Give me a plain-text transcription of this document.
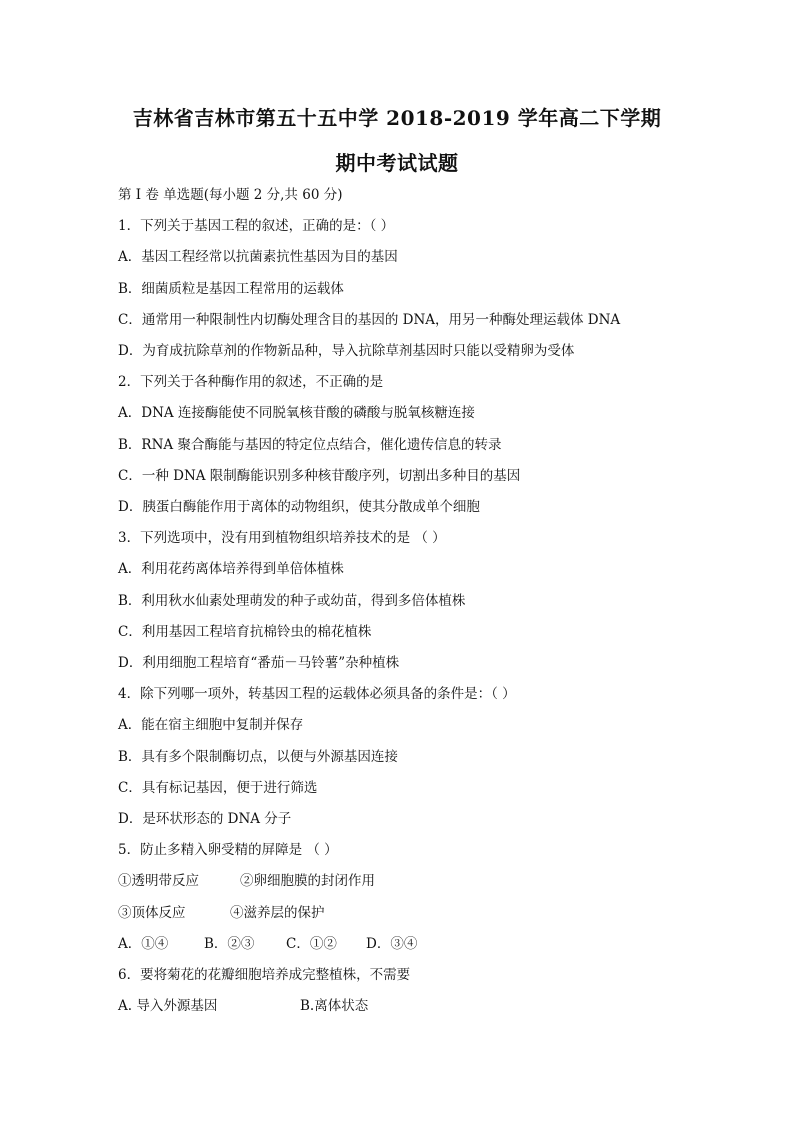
吉林省吉林市第五十五中学 2018-2019 学年高二下学期
期中考试试题
第 I 卷 单选题(每小题 2 分,共 60 分)
1．下列关于基因工程的叙述，正确的是：（ ）
A．基因工程经常以抗菌素抗性基因为目的基因
B．细菌质粒是基因工程常用的运载体
C．通常用一种限制性内切酶处理含目的基因的 DNA，用另一种酶处理运载体 DNA
D．为育成抗除草剂的作物新品种，导入抗除草剂基因时只能以受精卵为受体
2．下列关于各种酶作用的叙述，不正确的是
A．DNA 连接酶能使不同脱氧核苷酸的磷酸与脱氧核糖连接
B．RNA 聚合酶能与基因的特定位点结合，催化遗传信息的转录
C．一种 DNA 限制酶能识别多种核苷酸序列，切割出多种目的基因
D．胰蛋白酶能作用于离体的动物组织，使其分散成单个细胞
3．下列选项中，没有用到植物组织培养技术的是 （ ）
A．利用花药离体培养得到单倍体植株
B．利用秋水仙素处理萌发的种子或幼苗，得到多倍体植株
C．利用基因工程培育抗棉铃虫的棉花植株
D．利用细胞工程培育“番茄－马铃薯”杂种植株
4．除下列哪一项外，转基因工程的运载体必须具备的条件是：（ ）
A．能在宿主细胞中复制并保存
B．具有多个限制酶切点，以便与外源基因连接
C．具有标记基因，便于进行筛选
D．是环状形态的 DNA 分子
5．防止多精入卵受精的屏障是 （ ）
①透明带反应	②卵细胞膜的封闭作用
③顶体反应	④滋养层的保护
A．①④	B．②③	C．①②	D．③④
6．要将菊花的花瓣细胞培养成完整植株，不需要
A. 导入外源基因	B.离体状态
